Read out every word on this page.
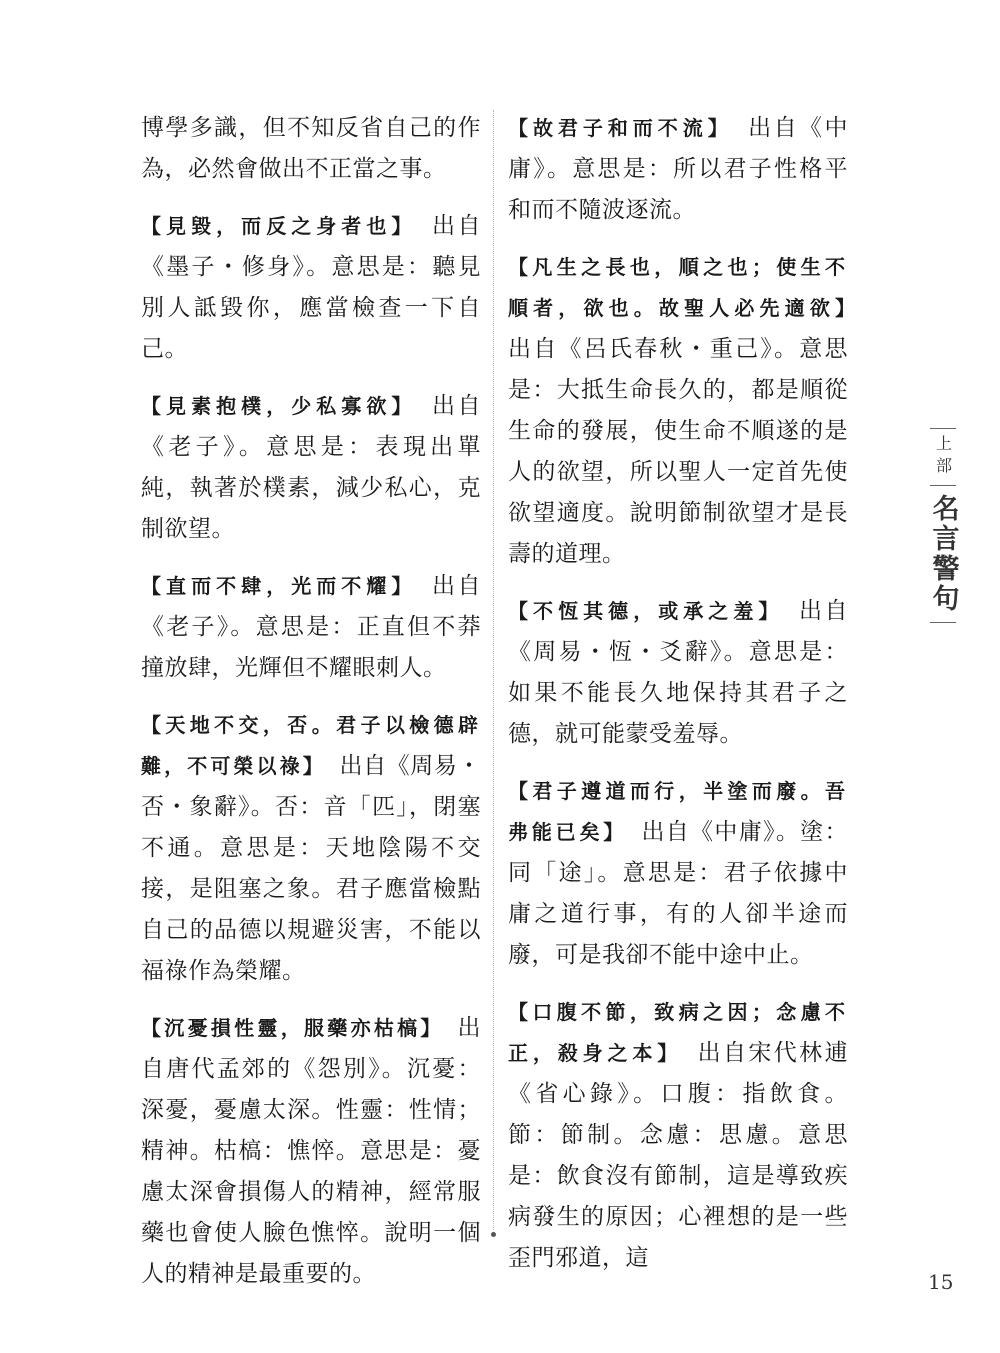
博學多識，但不知反省自己的作為，必然會做出不正當之事。

【見毀，而反之身者也】　 出自《墨子・修身》。意思是：聽見別人詆毀你，應當檢查一下自己。

【見素抱樸，少私寡欲】　 出自《老子》。意思是：表現出單純，執著於樸素，減少私心，克制欲望。

【直而不肆，光而不耀】　 出自《老子》。意思是：正直但不莽撞放肆，光輝但不耀眼刺人。

【天地不交，否。君子以檢德辟難，不可榮以祿】　 出自《周易・否・象辭》。否：音「匹」，閉塞不通。意思是：天地陰陽不交接，是阻塞之象。君子應當檢點自己的品德以規避災害，不能以福祿作為榮耀。

【沉憂損性靈，服藥亦枯槁】　 出自唐代孟郊的《怨別》。沉憂：深憂，憂慮太深。性靈：性情；精神。枯槁：憔悴。意思是：憂慮太深會損傷人的精神，經常服藥也會使人臉色憔悴。說明一個人的精神是最重要的。

【故君子和而不流】　 出自《中庸》。意思是：所以君子性格平和而不隨波逐流。

【凡生之長也，順之也；使生不順者，欲也。故聖人必先適欲】　出自《呂氏春秋・重己》。意思是：大抵生命長久的，都是順從生命的發展，使生命不順遂的是人的欲望，所以聖人一定首先使欲望適度。說明節制欲望才是長壽的道理。

【不恆其德，或承之羞】　 出自《周易・恆・爻辭》。意思是：如果不能長久地保持其君子之德，就可能蒙受羞辱。

【君子遵道而行，半塗而廢。吾弗能已矣】　 出自《中庸》。塗：同「途」。意思是：君子依據中庸之道行事，有的人卻半途而廢，可是我卻不能中途中止。

【口腹不節，致病之因；念慮不正，殺身之本】　 出自宋代林逋《省心錄》。口腹：指飲食。節：節制。念慮：思慮。意思是：飲食沒有節制，這是導致疾病發生的原因；心裡想的是一些歪門邪道，這

上部
名言警句
15
